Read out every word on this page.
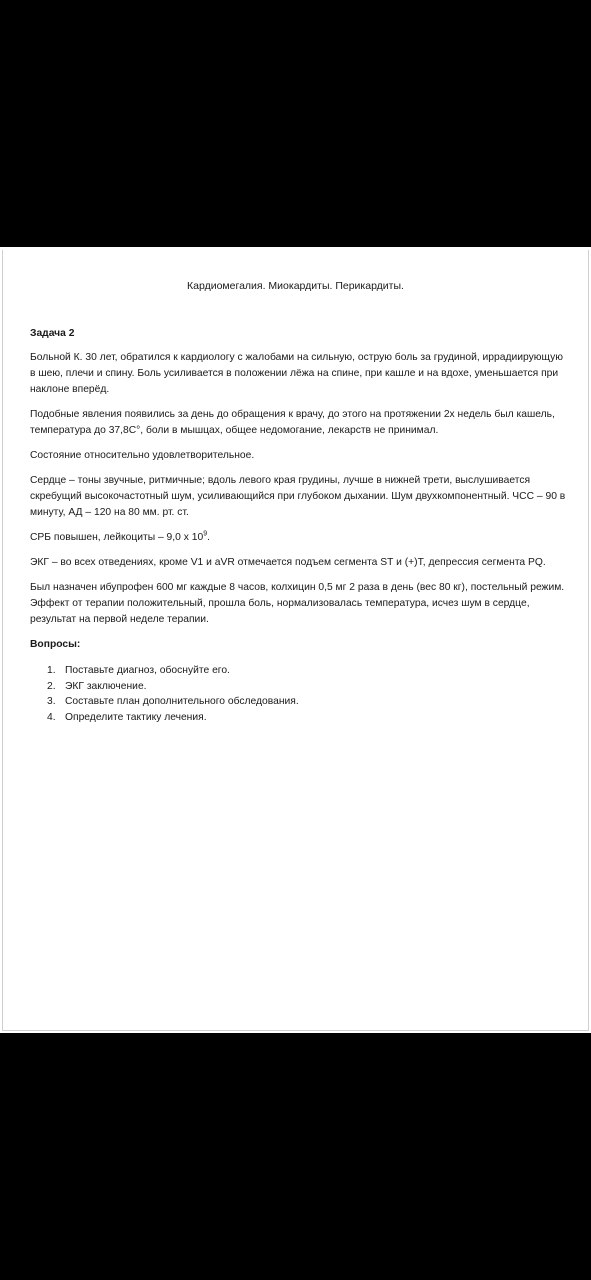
Кардиомегалия. Миокардиты. Перикардиты.

Задача 2

Больной К. 30 лет, обратился к кардиологу с жалобами на сильную, острую боль за грудиной, иррадиирующую в шею, плечи и спину. Боль усиливается в положении лёжа на спине, при кашле и на вдохе, уменьшается при наклоне вперёд.

Подобные явления появились за день до обращения к врачу, до этого на протяжении 2х недель был кашель, температура до 37,8С°, боли в мышцах, общее недомогание, лекарств не принимал.

Состояние относительно удовлетворительное.

Сердце – тоны звучные, ритмичные; вдоль левого края грудины, лучше в нижней трети, выслушивается скребущий высокочастотный шум, усиливающийся при глубоком дыхании. Шум двухкомпонентный. ЧСС – 90 в минуту, АД – 120 на 80 мм. рт. ст.

СРБ повышен, лейкоциты – 9,0 х $10^9$.

ЭКГ – во всех отведениях, кроме V1 и aVR отмечается подъем сегмента ST и (+)T, депрессия сегмента PQ.

Был назначен ибупрофен 600 мг каждые 8 часов, колхицин 0,5 мг 2 раза в день (вес 80 кг), постельный режим. Эффект от терапии положительный, прошла боль, нормализовалась температура, исчез шум в сердце, результат на первой неделе терапии.

Вопросы:

1. Поставьте диагноз, обоснуйте его.
2. ЭКГ заключение.
3. Составьте план дополнительного обследования.
4. Определите тактику лечения.
